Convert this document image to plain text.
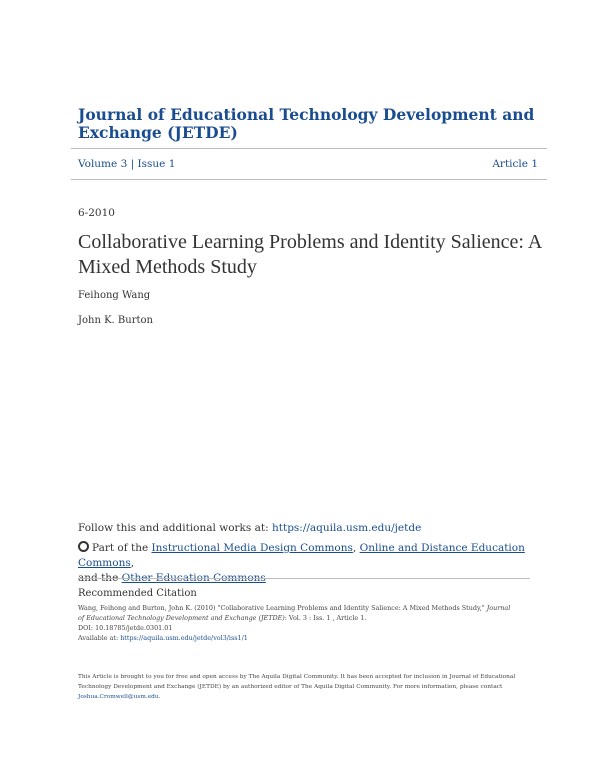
Journal of Educational Technology Development and Exchange (JETDE)
Volume 3 | Issue 1	Article 1
6-2010
Collaborative Learning Problems and Identity Salience: A Mixed Methods Study
Feihong Wang
John K. Burton
Follow this and additional works at: https://aquila.usm.edu/jetde
Part of the Instructional Media Design Commons, Online and Distance Education Commons,
and the Other Education Commons
Recommended Citation
Wang, Feihong and Burton, John K. (2010) "Collaborative Learning Problems and Identity Salience: A Mixed Methods Study," Journal
of Educational Technology Development and Exchange (JETDE): Vol. 3 : Iss. 1 , Article 1.
DOI: 10.18785/jetde.0301.01
Available at: https://aquila.usm.edu/jetde/vol3/iss1/1
This Article is brought to you for free and open access by The Aquila Digital Community. It has been accepted for inclusion in Journal of Educational Technology Development and Exchange (JETDE) by an authorized editor of The Aquila Digital Community. For more information, please contact Joshua.Cromwell@usm.edu.
